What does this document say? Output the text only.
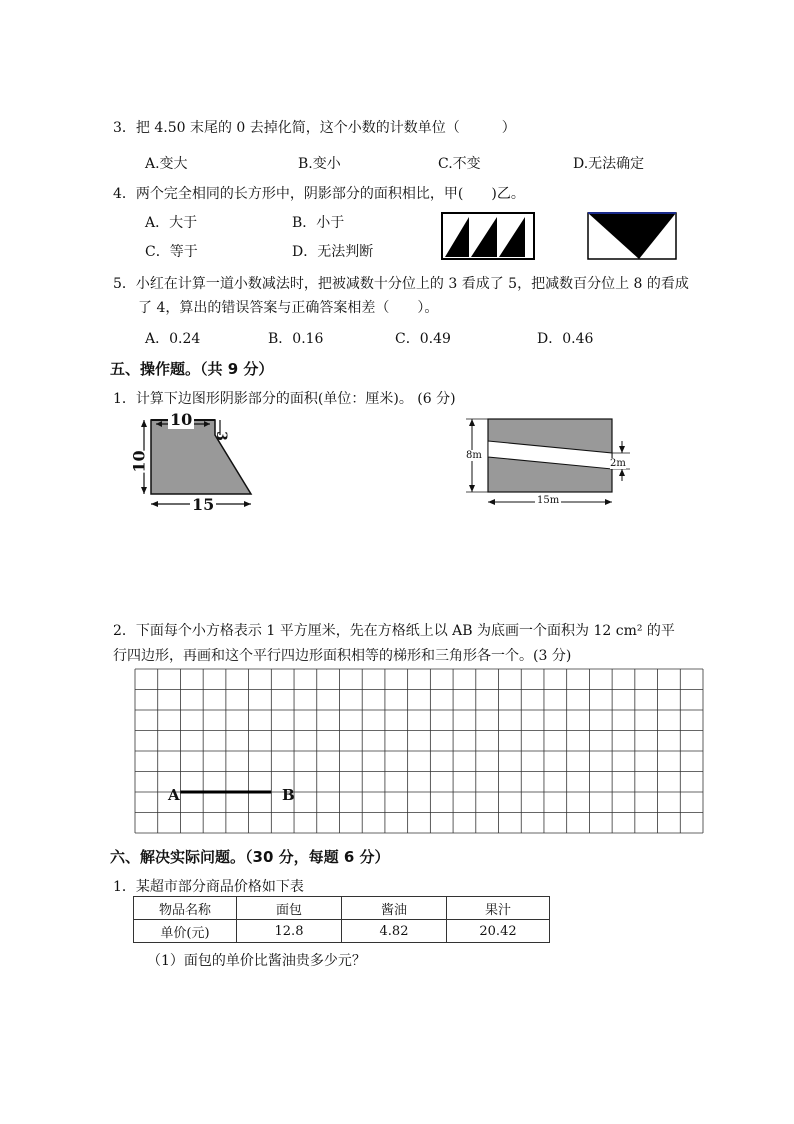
3．把 4.50 末尾的 0 去掉化简，这个小数的计数单位（　　　）
A.变大	B.变小	C.不变	D.无法确定
4．两个完全相同的长方形中，阴影部分的面积相比，甲(　　)乙。
A．大于	B．小于
C．等于	D．无法判断
5．小红在计算一道小数减法时，把被减数十分位上的 3 看成了 5，把减数百分位上 8 的看成
了 4，算出的错误答案与正确答案相差（　　）。
A．0.24	B．0.16	C．0.49	D．0.46
五、操作题。（共 9 分）
1．计算下边图形阴影部分的面积(单位：厘米)。 (6 分)
10
3
10
15
8m
2m
15m
2．下面每个小方格表示 1 平方厘米，先在方格纸上以 AB 为底画一个面积为 12 cm² 的平
行四边形，再画和这个平行四边形面积相等的梯形和三角形各一个。(3 分)
A	B
六、解决实际问题。（30 分，每题 6 分）
1．某超市部分商品价格如下表
物品名称	面包	酱油	果汁
单价(元)	12.8	4.82	20.42
（1）面包的单价比酱油贵多少元？
